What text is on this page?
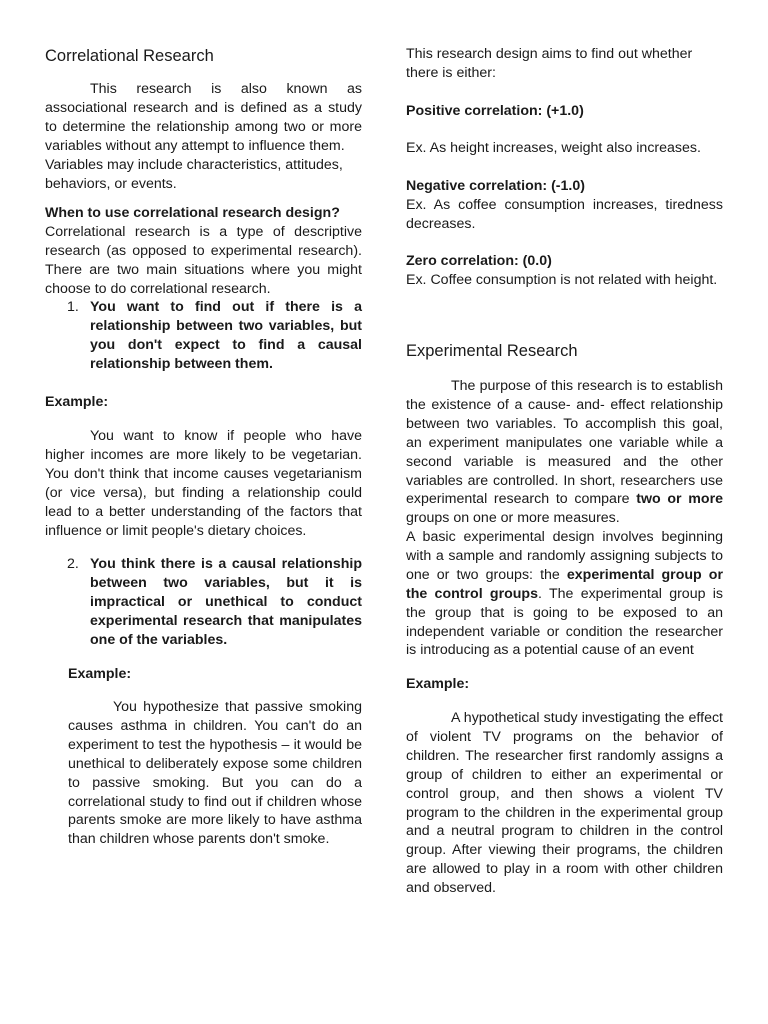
Correlational Research

This research is also known as associational research and is defined as a study to determine the relationship among two or more variables without any attempt to influence them.

Variables may include characteristics, attitudes, behaviors, or events.

When to use correlational research design?

Correlational research is a type of descriptive research (as opposed to experimental research). There are two main situations where you might choose to do correlational research.

1. You want to find out if there is a relationship between two variables, but you don't expect to find a causal relationship between them.

Example:

You want to know if people who have higher incomes are more likely to be vegetarian. You don't think that income causes vegetarianism (or vice versa), but finding a relationship could lead to a better understanding of the factors that influence or limit people's dietary choices.

2. You think there is a causal relationship between two variables, but it is impractical or unethical to conduct experimental research that manipulates one of the variables.

Example:

You hypothesize that passive smoking causes asthma in children. You can't do an experiment to test the hypothesis – it would be unethical to deliberately expose some children to passive smoking. But you can do a correlational study to find out if children whose parents smoke are more likely to have asthma than children whose parents don't smoke.

This research design aims to find out whether there is either:

Positive correlation: (+1.0)

Ex. As height increases, weight also increases.

Negative correlation: (-1.0)

Ex. As coffee consumption increases, tiredness decreases.

Zero correlation: (0.0)

Ex. Coffee consumption is not related with height.

Experimental Research

The purpose of this research is to establish the existence of a cause- and- effect relationship between two variables. To accomplish this goal, an experiment manipulates one variable while a second variable is measured and the other variables are controlled. In short, researchers use experimental research to compare two or more groups on one or more measures.

A basic experimental design involves beginning with a sample and randomly assigning subjects to one or two groups: the experimental group or the control groups. The experimental group is the group that is going to be exposed to an independent variable or condition the researcher is introducing as a potential cause of an event

Example:

A hypothetical study investigating the effect of violent TV programs on the behavior of children. The researcher first randomly assigns a group of children to either an experimental or control group, and then shows a violent TV program to the children in the experimental group and a neutral program to children in the control group. After viewing their programs, the children are allowed to play in a room with other children and observed.
